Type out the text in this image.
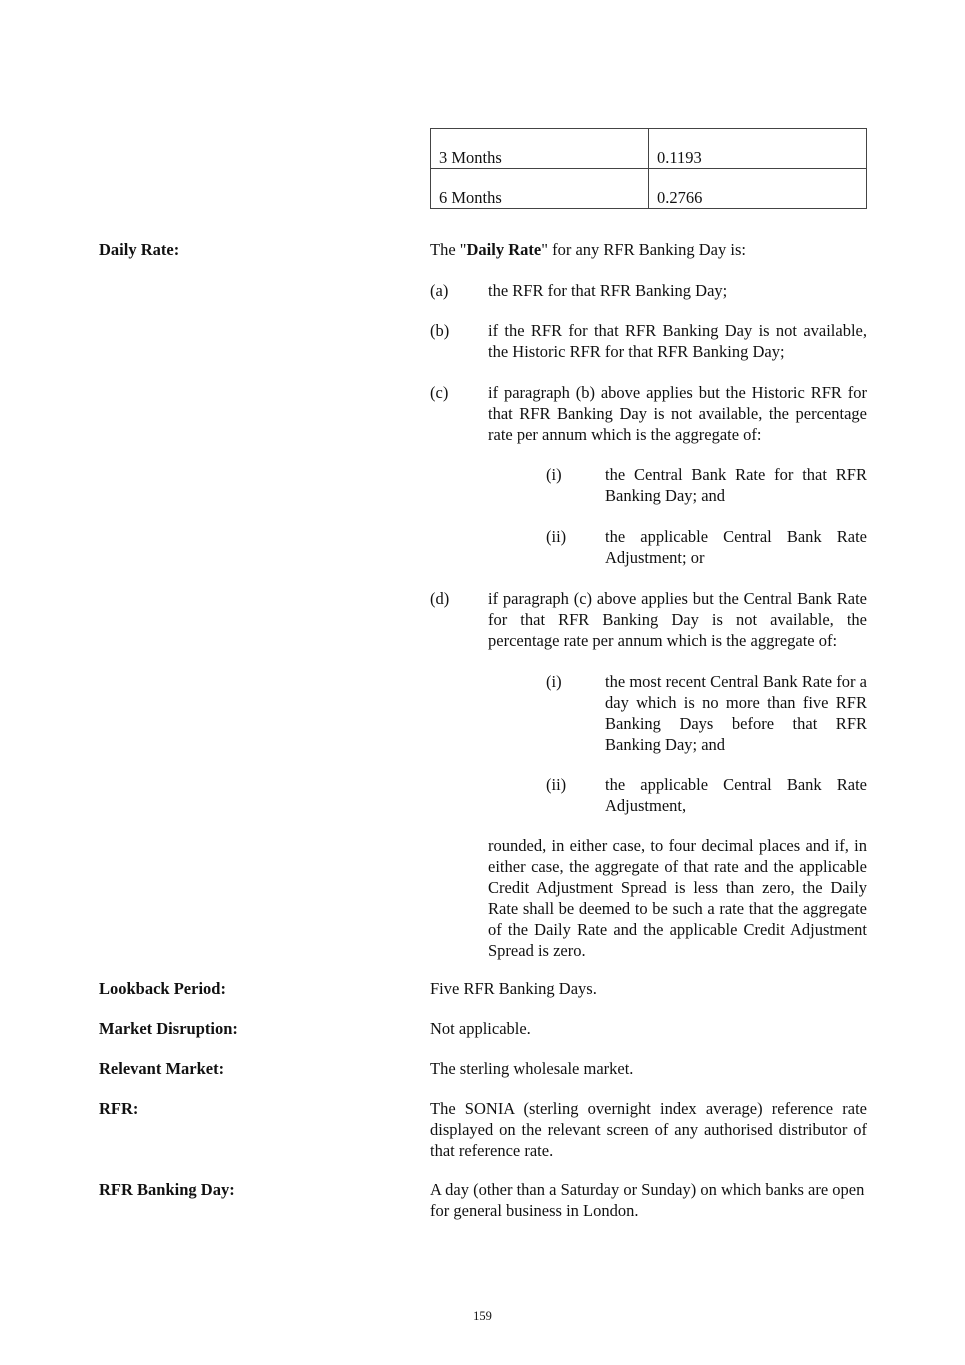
3 Months	0.1193
6 Months	0.2766
Daily Rate:	The "Daily Rate" for any RFR Banking Day is:
(a) the RFR for that RFR Banking Day;
(b) if the RFR for that RFR Banking Day is not available, the Historic RFR for that RFR Banking Day;
(c) if paragraph (b) above applies but the Historic RFR for that RFR Banking Day is not available, the percentage rate per annum which is the aggregate of:
(i)	the Central Bank Rate for that RFR Banking Day; and
(ii) the applicable Central Bank Rate Adjustment; or
(d) if paragraph (c) above applies but the Central Bank Rate for that RFR Banking Day is not available, the percentage rate per annum which is the aggregate of:
(i)	the most recent Central Bank Rate for a day which is no more than five RFR Banking Days before that RFR Banking Day; and
(ii) the applicable Central Bank Rate Adjustment,
rounded, in either case, to four decimal places and if, in either case, the aggregate of that rate and the applicable Credit Adjustment Spread is less than zero, the Daily Rate shall be deemed to be such a rate that the aggregate of the Daily Rate and the applicable Credit Adjustment Spread is zero.
Lookback Period:	Five RFR Banking Days.
Market Disruption:	Not applicable.
Relevant Market:	The sterling wholesale market.
RFR:	The SONIA (sterling overnight index average) reference rate displayed on the relevant screen of any authorised distributor of that reference rate.
RFR Banking Day:	A day (other than a Saturday or Sunday) on which banks are open for general business in London.
159
